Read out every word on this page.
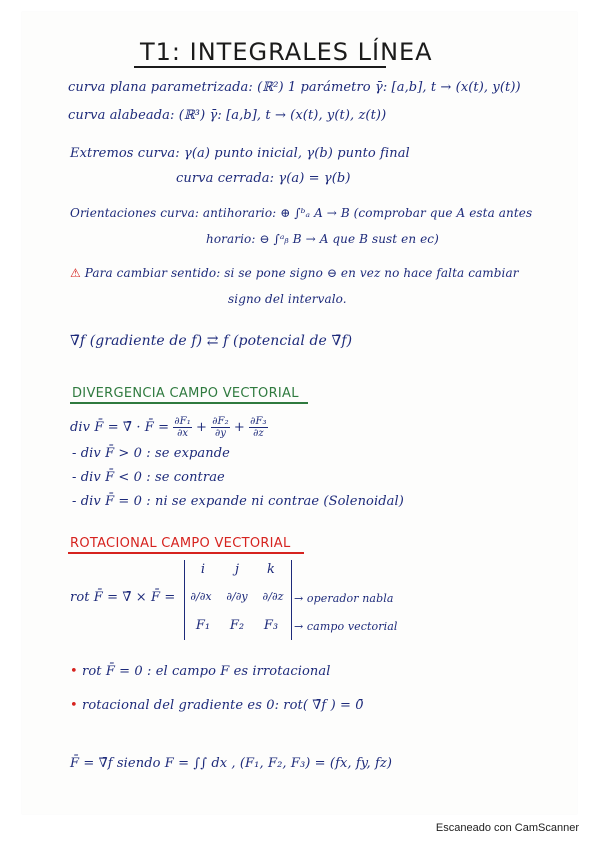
T1: INTEGRALES LÍNEA
curva plana parametrizada: (ℝ²) 1 parámetro γ̄: [a,b], t → (x(t), y(t))
curva alabeada: (ℝ³) γ̄: [a,b], t → (x(t), y(t), z(t))
Extremos curva: γ(a) punto inicial, γ(b) punto final
curva cerrada: γ(a) = γ(b)
Orientaciones curva: antihorario: ⊕ ∫ᵇₐ A → B (comprobar que A esta antes
horario: ⊖ ∫ᵃᵦ B → A que B sust en ec)
⚠ Para cambiar sentido: si se pone signo ⊖ en vez no hace falta cambiar
signo del intervalo.
∇̄f (gradiente de f) ⇄ f (potencial de ∇̄f)
DIVERGENCIA CAMPO VECTORIAL
div F̄ = ∇̄ · F̄ = $\frac{\text{∂F₁}}{\partial x} + \frac{\text{∂F₂}}{\partial y} + \frac{\text{∂F₃}}{\partial z}$
- div F̄ > 0 : se expande
- div F̄ < 0 : se contrae
- div F̄ = 0 : ni se expande ni contrae (Solenoidal)
ROTACIONAL CAMPO VECTORIAL
rot F̄ = ∇̄ × F̄ =
i	j	k
∂/∂x	∂/∂y	∂/∂z
F₁	F₂	F₃
→ operador nabla
→ campo vectorial
• rot F̄ = 0 : el campo F es irrotacional
• rotacional del gradiente es 0: rot( ∇̄f ) = 0̄
F̄ = ∇̄f siendo F = ∫∫ dx , (F₁, F₂, F₃) = (fx, fy, fz)
Escaneado con CamScanner
